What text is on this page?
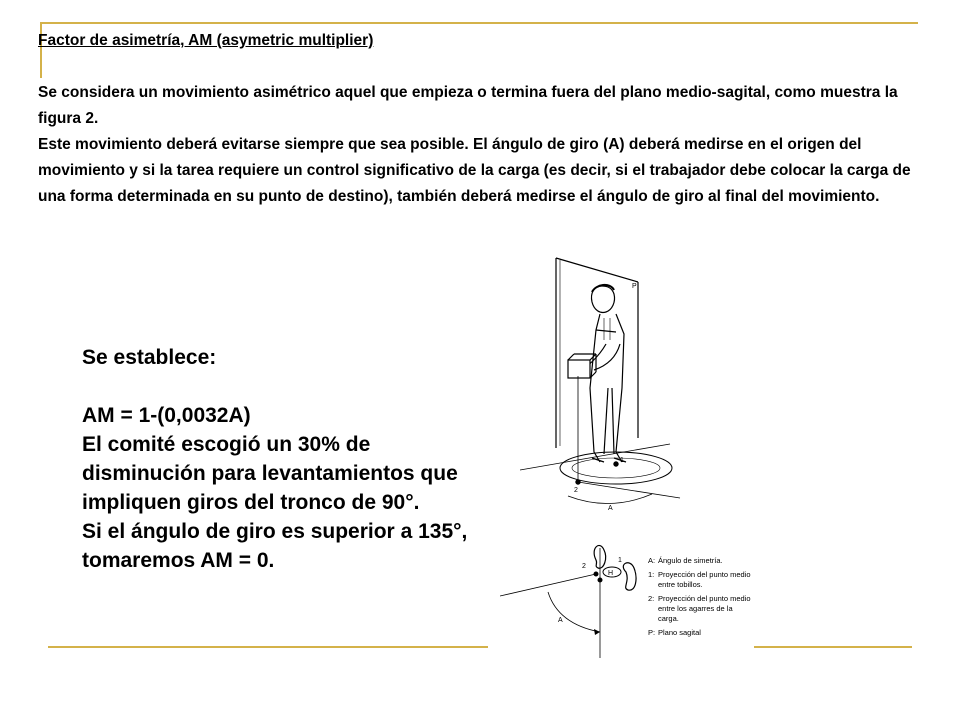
Factor de asimetría, AM (asymetric multiplier)
Se considera un movimiento asimétrico aquel que empieza o termina fuera del plano medio-sagital, como muestra la figura 2.
Este movimiento deberá evitarse siempre que sea posible. El ángulo de giro (A) deberá medirse en el origen del movimiento y si la tarea requiere un control significativo de la carga (es decir, si el trabajador debe colocar la carga de una forma determinada en su punto de destino), también deberá medirse el ángulo de giro al final del movimiento.
Se establece:
AM = 1-(0,0032A)
El comité escogió un 30% de disminución para levantamientos que impliquen giros del tronco de 90°.
Si el ángulo de giro es superior a 135°, tomaremos AM = 0.
P
1
2
A
H
2
1
A
A: Ángulo de simetría.
1: Proyección del punto medio entre tobillos.
2: Proyección del punto medio entre los agarres de la carga.
P: Plano sagital
